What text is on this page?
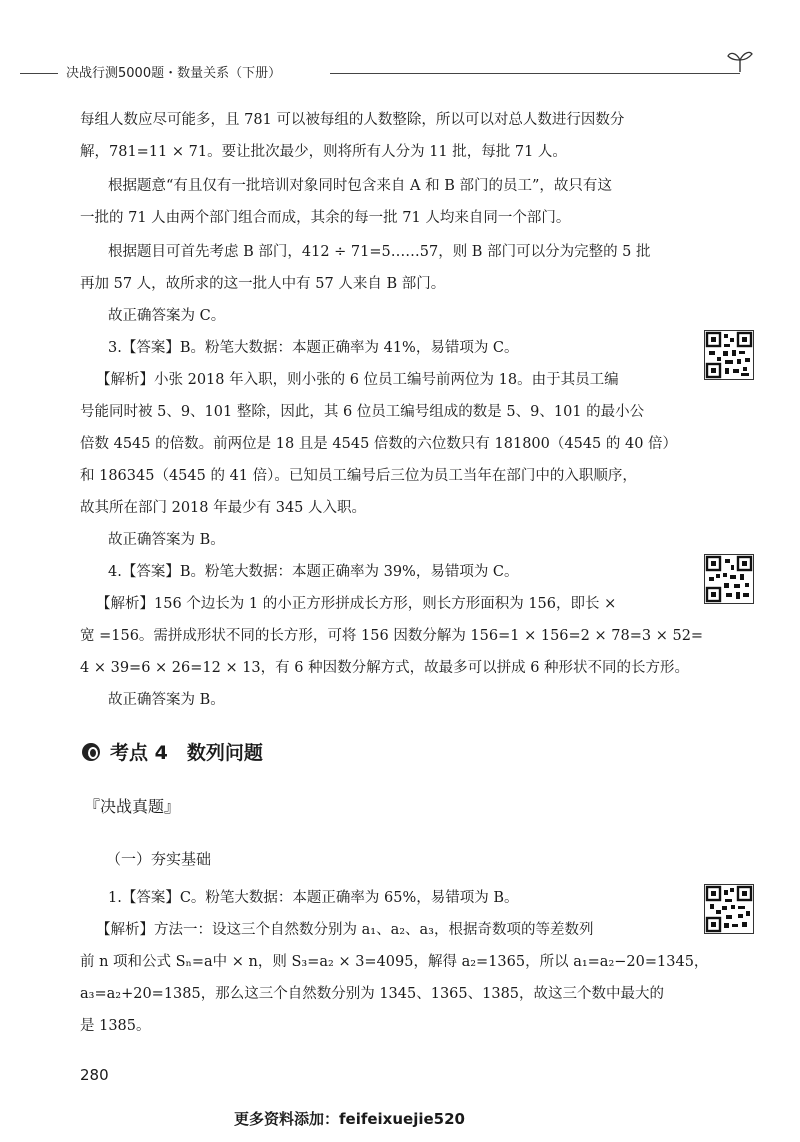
决战行测5000题・数量关系（下册）
每组人数应尽可能多，且 781 可以被每组的人数整除，所以可以对总人数进行因数分
解，781=11 × 71。要让批次最少，则将所有人分为 11 批，每批 71 人。
根据题意“有且仅有一批培训对象同时包含来自 A 和 B 部门的员工”，故只有这
一批的 71 人由两个部门组合而成，其余的每一批 71 人均来自同一个部门。
根据题目可首先考虑 B 部门，412 ÷ 71=5……57，则 B 部门可以分为完整的 5 批
再加 57 人，故所求的这一批人中有 57 人来自 B 部门。
故正确答案为 C。
3.【答案】B。粉笔大数据：本题正确率为 41%，易错项为 C。
【解析】小张 2018 年入职，则小张的 6 位员工编号前两位为 18。由于其员工编
号能同时被 5、9、101 整除，因此，其 6 位员工编号组成的数是 5、9、101 的最小公
倍数 4545 的倍数。前两位是 18 且是 4545 倍数的六位数只有 181800（4545 的 40 倍）
和 186345（4545 的 41 倍）。已知员工编号后三位为员工当年在部门中的入职顺序，
故其所在部门 2018 年最少有 345 人入职。
故正确答案为 B。
4.【答案】B。粉笔大数据：本题正确率为 39%，易错项为 C。
【解析】156 个边长为 1 的小正方形拼成长方形，则长方形面积为 156，即长 ×
宽 =156。需拼成形状不同的长方形，可将 156 因数分解为 156=1 × 156=2 × 78=3 × 52=
4 × 39=6 × 26=12 × 13，有 6 种因数分解方式，故最多可以拼成 6 种形状不同的长方形。
故正确答案为 B。
考点 4　数列问题
『决战真题』
（一）夯实基础
1.【答案】C。粉笔大数据：本题正确率为 65%，易错项为 B。
【解析】方法一：设这三个自然数分别为 a₁、a₂、a₃，根据奇数项的等差数列
前 n 项和公式 Sₙ=a中 × n，则 S₃=a₂ × 3=4095，解得 a₂=1365，所以 a₁=a₂−20=1345，
a₃=a₂+20=1385，那么这三个自然数分别为 1345、1365、1385，故这三个数中最大的
是 1385。
280
更多资料添加：feifeixuejie520
